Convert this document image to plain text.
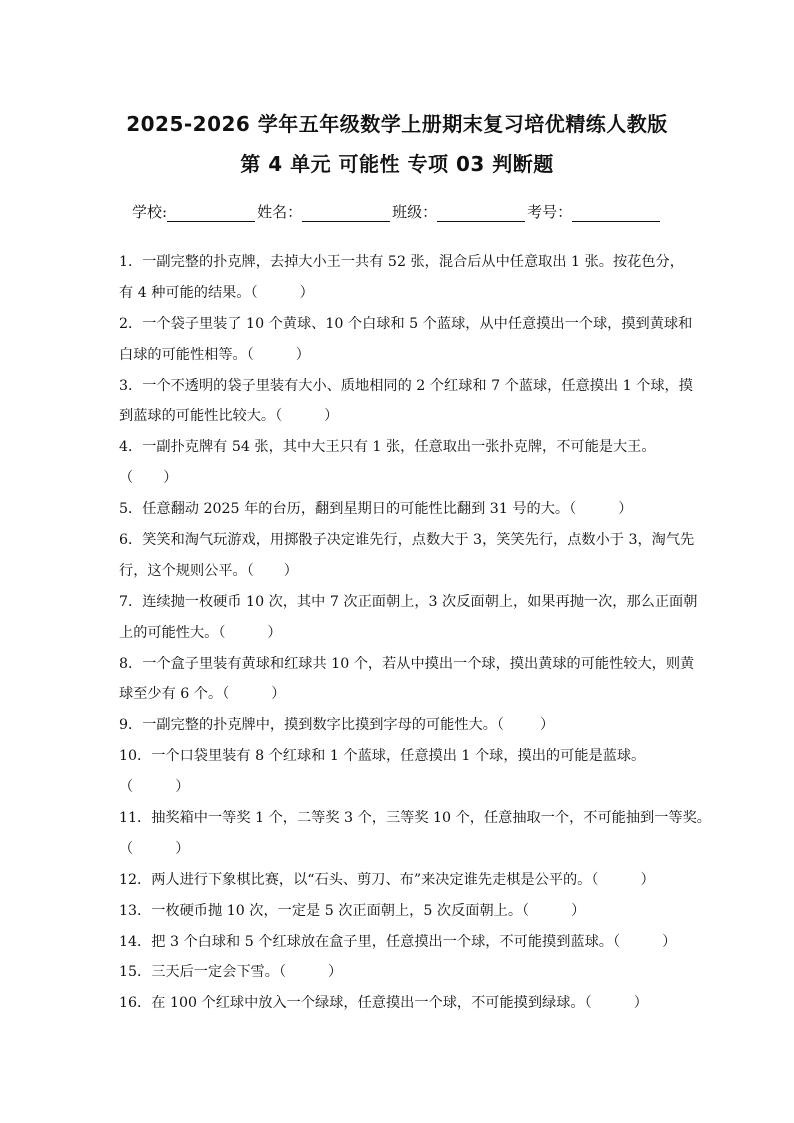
2025-2026 学年五年级数学上册期末复习培优精练人教版
第 4 单元 可能性 专项 03 判断题
学校:	姓名：	班级：	考号：
1．一副完整的扑克牌，去掉大小王一共有 52 张，混合后从中任意取出 1 张。按花色分，
有 4 种可能的结果。（	）
2．一个袋子里装了 10 个黄球、10 个白球和 5 个蓝球，从中任意摸出一个球，摸到黄球和
白球的可能性相等。（	）
3．一个不透明的袋子里装有大小、质地相同的 2 个红球和 7 个蓝球，任意摸出 1 个球，摸
到蓝球的可能性比较大。（	）
4．一副扑克牌有 54 张，其中大王只有 1 张，任意取出一张扑克牌，不可能是大王。
（ ）
5．任意翻动 2025 年的台历，翻到星期日的可能性比翻到 31 号的大。（	）
6．笑笑和淘气玩游戏，用掷骰子决定谁先行，点数大于 3，笑笑先行，点数小于 3，淘气先
行，这个规则公平。（ ）
7．连续抛一枚硬币 10 次，其中 7 次正面朝上，3 次反面朝上，如果再抛一次，那么正面朝
上的可能性大。（	）
8．一个盒子里装有黄球和红球共 10 个，若从中摸出一个球，摸出黄球的可能性较大，则黄
球至少有 6 个。（	）
9．一副完整的扑克牌中，摸到数字比摸到字母的可能性大。（	）
10．一个口袋里装有 8 个红球和 1 个蓝球，任意摸出 1 个球，摸出的可能是蓝球。
（	）
11．抽奖箱中一等奖 1 个，二等奖 3 个，三等奖 10 个，任意抽取一个，不可能抽到一等奖。
（	）
12．两人进行下象棋比赛，以“石头、剪刀、布”来决定谁先走棋是公平的。（	）
13．一枚硬币抛 10 次，一定是 5 次正面朝上，5 次反面朝上。（	）
14．把 3 个白球和 5 个红球放在盒子里，任意摸出一个球，不可能摸到蓝球。（	）
15．三天后一定会下雪。（	）
16．在 100 个红球中放入一个绿球，任意摸出一个球，不可能摸到绿球。（	）
